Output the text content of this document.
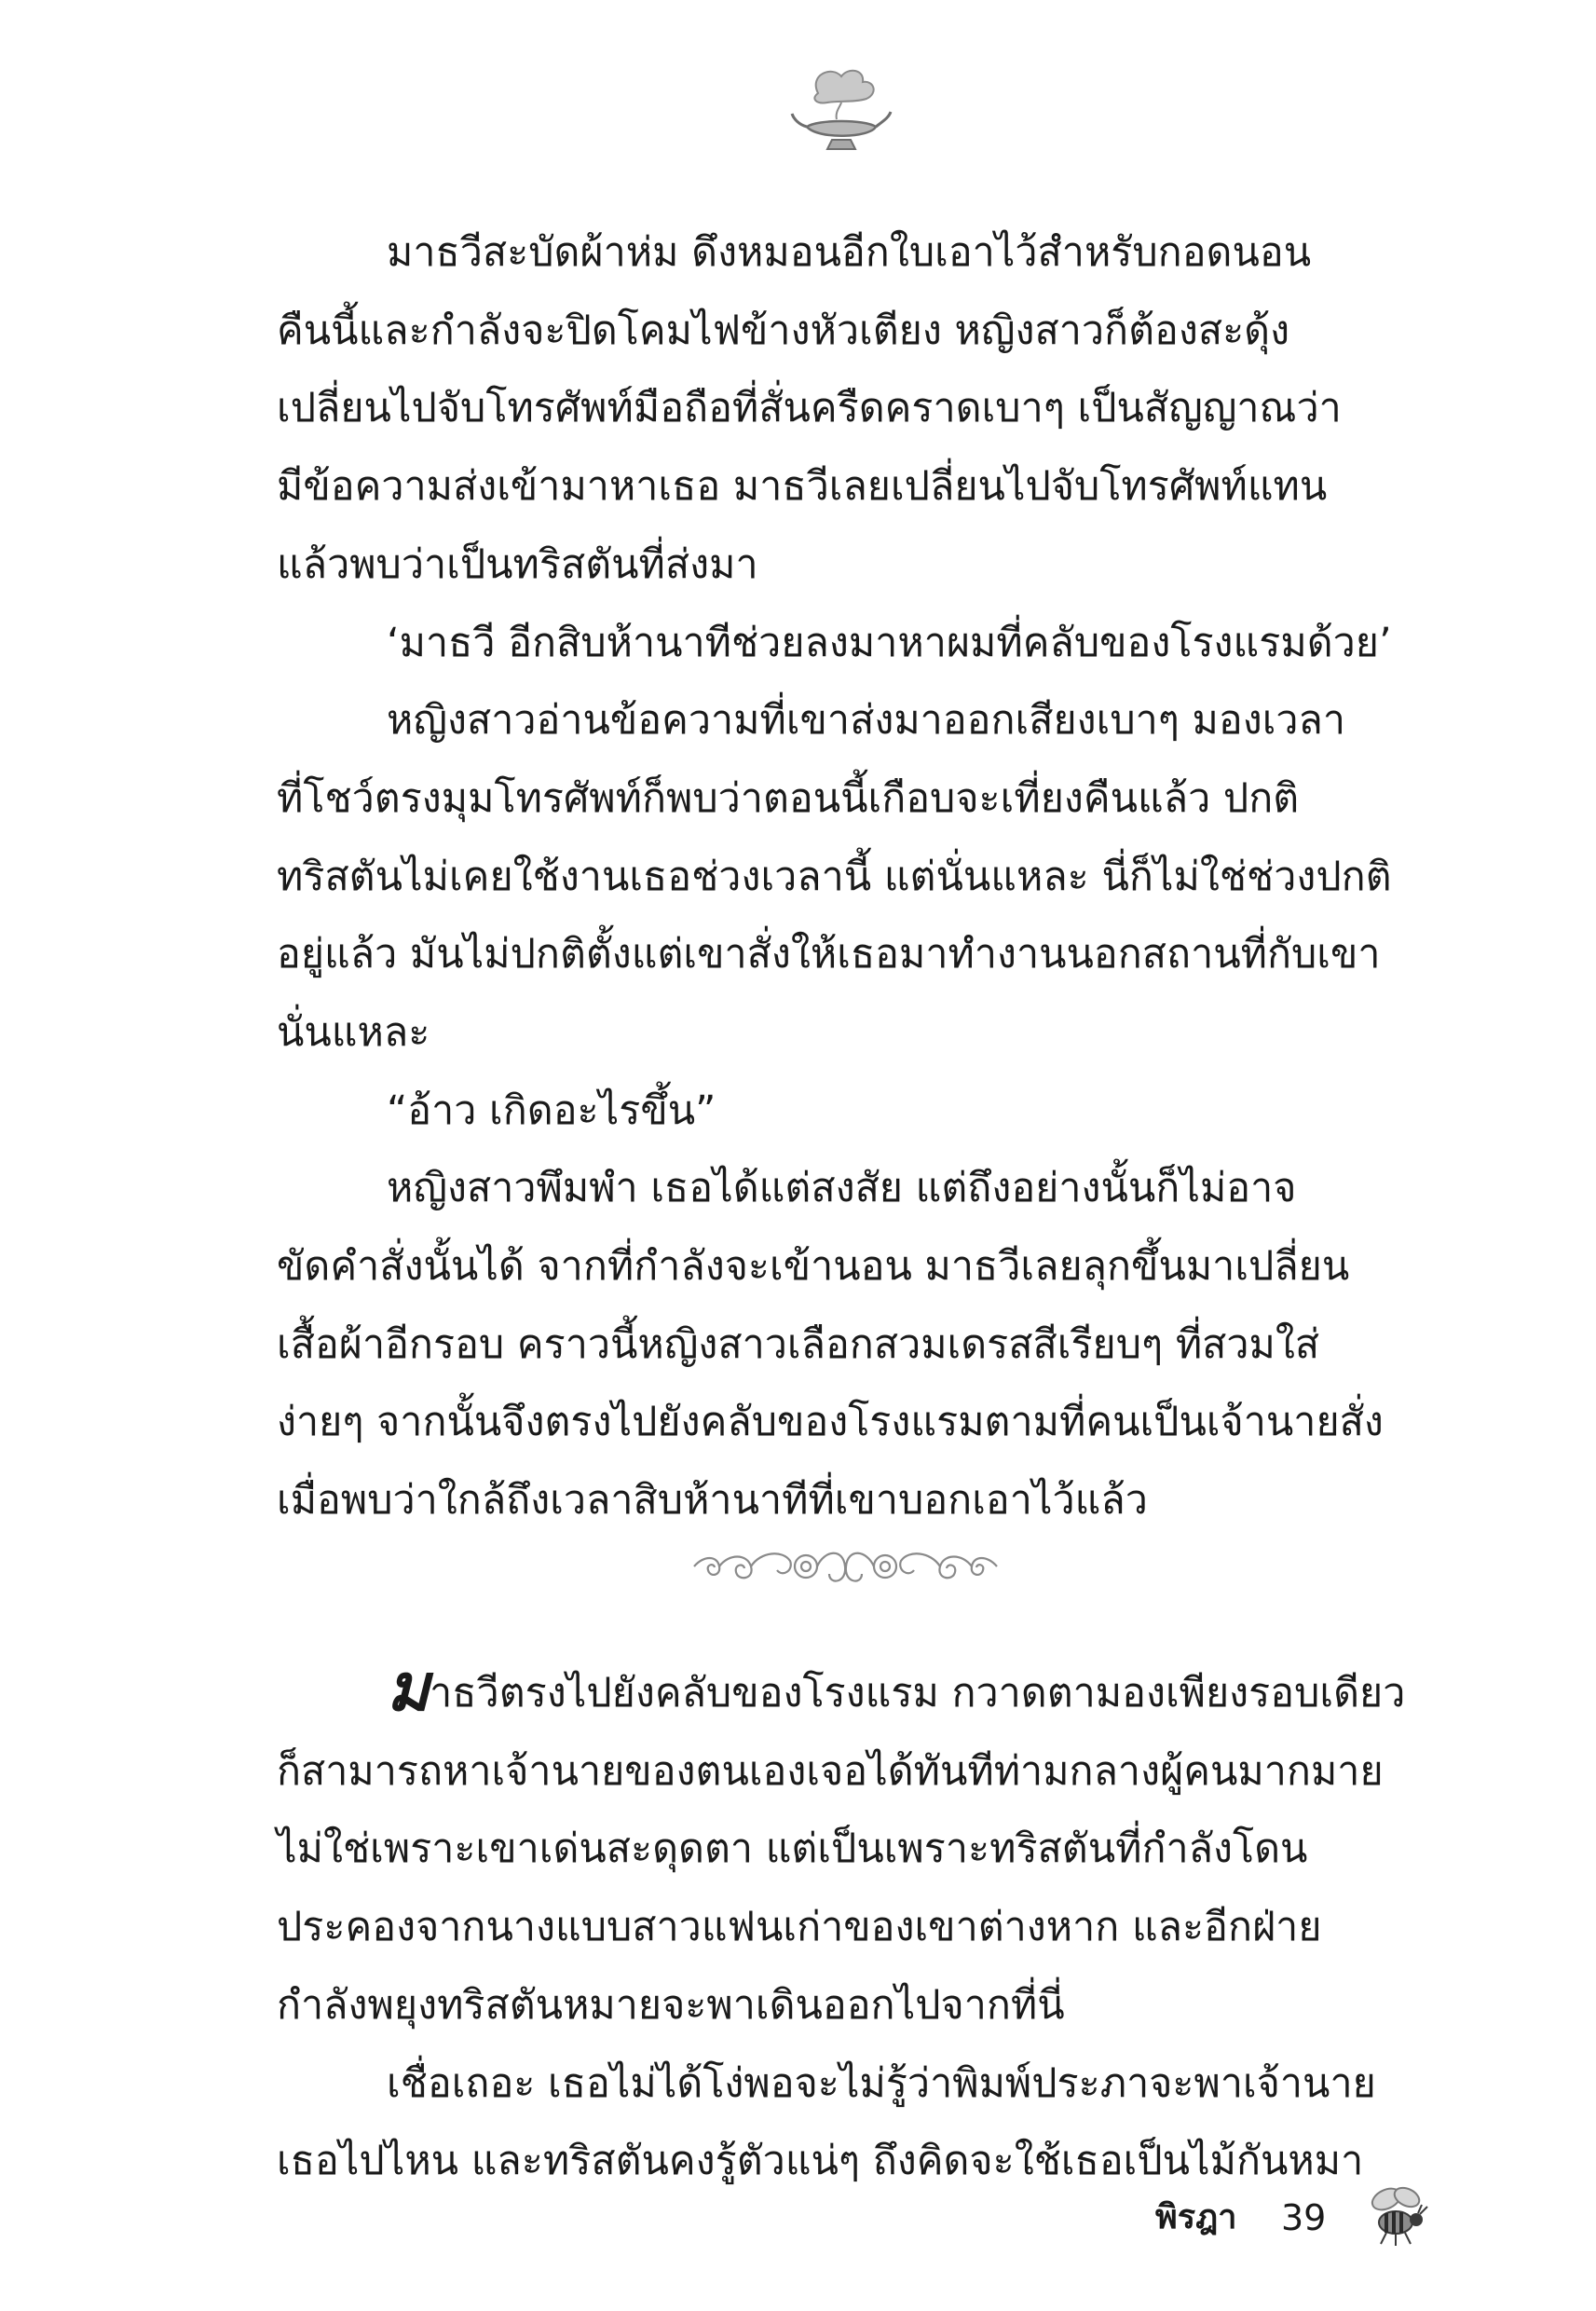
มาธวีสะบัดผ้าห่ม ดึงหมอนอีกใบเอาไว้สำหรับกอดนอน
คืนนี้และกำลังจะปิดโคมไฟข้างหัวเตียง หญิงสาวก็ต้องสะดุ้ง
เปลี่ยนไปจับโทรศัพท์มือถือที่สั่นครืดคราดเบาๆ เป็นสัญญาณว่า
มีข้อความส่งเข้ามาหาเธอ มาธวีเลยเปลี่ยนไปจับโทรศัพท์แทน
แล้วพบว่าเป็นทริสตันที่ส่งมา
‘มาธวี อีกสิบห้านาทีช่วยลงมาหาผมที่คลับของโรงแรมด้วย’
หญิงสาวอ่านข้อความที่เขาส่งมาออกเสียงเบาๆ มองเวลา
ที่โชว์ตรงมุมโทรศัพท์ก็พบว่าตอนนี้เกือบจะเที่ยงคืนแล้ว ปกติ
ทริสตันไม่เคยใช้งานเธอช่วงเวลานี้ แต่นั่นแหละ นี่ก็ไม่ใช่ช่วงปกติ
อยู่แล้ว มันไม่ปกติตั้งแต่เขาสั่งให้เธอมาทำงานนอกสถานที่กับเขา
นั่นแหละ
“อ้าว เกิดอะไรขึ้น”
หญิงสาวพึมพำ เธอได้แต่สงสัย แต่ถึงอย่างนั้นก็ไม่อาจ
ขัดคำสั่งนั้นได้ จากที่กำลังจะเข้านอน มาธวีเลยลุกขึ้นมาเปลี่ยน
เสื้อผ้าอีกรอบ คราวนี้หญิงสาวเลือกสวมเดรสสีเรียบๆ ที่สวมใส่
ง่ายๆ จากนั้นจึงตรงไปยังคลับของโรงแรมตามที่คนเป็นเจ้านายสั่ง
เมื่อพบว่าใกล้ถึงเวลาสิบห้านาทีที่เขาบอกเอาไว้แล้ว
มาธวีตรงไปยังคลับของโรงแรม กวาดตามองเพียงรอบเดียว
ก็สามารถหาเจ้านายของตนเองเจอได้ทันทีท่ามกลางผู้คนมากมาย
ไม่ใช่เพราะเขาเด่นสะดุดตา แต่เป็นเพราะทริสตันที่กำลังโดน
ประคองจากนางแบบสาวแฟนเก่าของเขาต่างหาก และอีกฝ่าย
กำลังพยุงทริสตันหมายจะพาเดินออกไปจากที่นี่
เชื่อเถอะ เธอไม่ได้โง่พอจะไม่รู้ว่าพิมพ์ประภาจะพาเจ้านาย
เธอไปไหน และทริสตันคงรู้ตัวแน่ๆ ถึงคิดจะใช้เธอเป็นไม้กันหมา
พิรฎา 39
